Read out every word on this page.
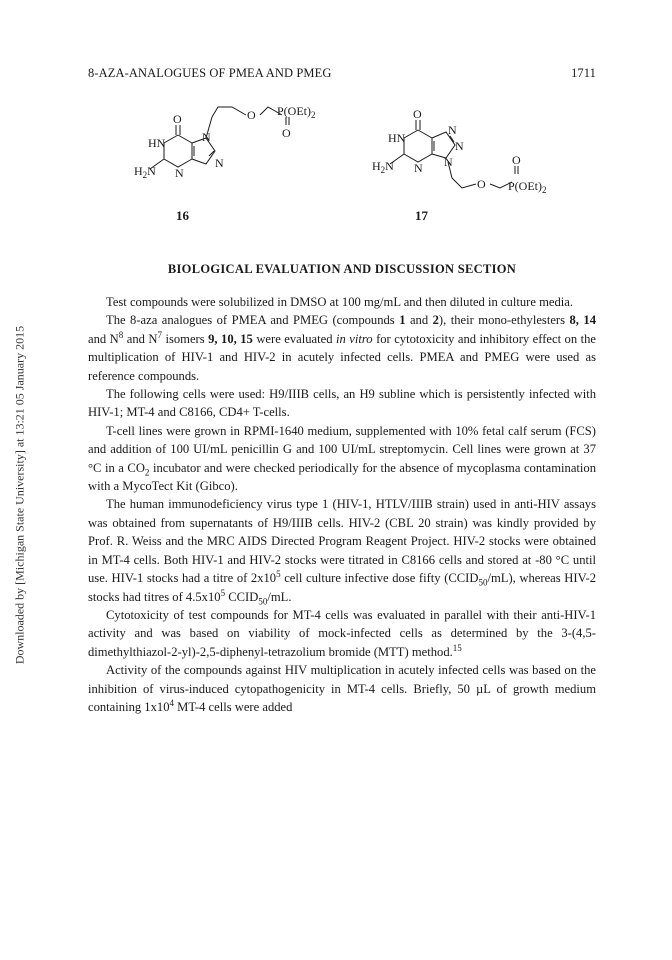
8-AZA-ANALOGUES OF PMEA AND PMEG	1711
Downloaded by [Michigan State University] at 13:21 05 January 2015
O
HN	N
N
$H_2N$ N
O $P(OEt)_2$
O
16
O
HN
N
N
N
$H_2N$ N
O
O
$P(OEt)_2$
17
BIOLOGICAL EVALUATION AND DISCUSSION SECTION

Test compounds were solubilized in DMSO at 100 mg/mL and then diluted in culture media.

The 8-aza analogues of PMEA and PMEG (compounds 1 and 2), their mono-ethylesters 8, 14 and $N^8$ and $N^7$ isomers 9, 10, 15 were evaluated in vitro for cytotoxicity and inhibitory effect on the multiplication of HIV-1 and HIV-2 in acutely infected cells. PMEA and PMEG were used as reference compounds.

The following cells were used: H9/IIIB cells, an H9 subline which is persistently infected with HIV-1; MT-4 and C8166, CD4+ T-cells.

T-cell lines were grown in RPMI-1640 medium, supplemented with 10% fetal calf serum (FCS) and addition of 100 UI/mL penicillin G and 100 UI/mL streptomycin. Cell lines were grown at 37 °C in a $CO_2$ incubator and were checked periodically for the absence of mycoplasma contamination with a MycoTect Kit (Gibco).

The human immunodeficiency virus type 1 (HIV-1, HTLV/IIIB strain) used in anti-HIV assays was obtained from supernatants of H9/IIIB cells. HIV-2 (CBL 20 strain) was kindly provided by Prof. R. Weiss and the MRC AIDS Directed Program Reagent Project. HIV-2 stocks were obtained in MT-4 cells. Both HIV-1 and HIV-2 stocks were titrated in C8166 cells and stored at -80 °C until use. HIV-1 stocks had a titre of $2x10^5$ cell culture infective dose fifty $(CCID_{50}/mL)$, whereas HIV-2 stocks had titres of $4.5x10^5$ $CCID_{50}/mL$.

Cytotoxicity of test compounds for MT-4 cells was evaluated in parallel with their anti-HIV-1 activity and was based on viability of mock-infected cells as determined by the 3-(4,5-dimethylthiazol-2-yl)-2,5-diphenyl-tetrazolium bromide (MTT) method.$^{15}$

Activity of the compounds against HIV multiplication in acutely infected cells was based on the inhibition of virus-induced cytopathogenicity in MT-4 cells. Briefly, 50 µL of growth medium containing $1x10^4$ MT-4 cells were added
